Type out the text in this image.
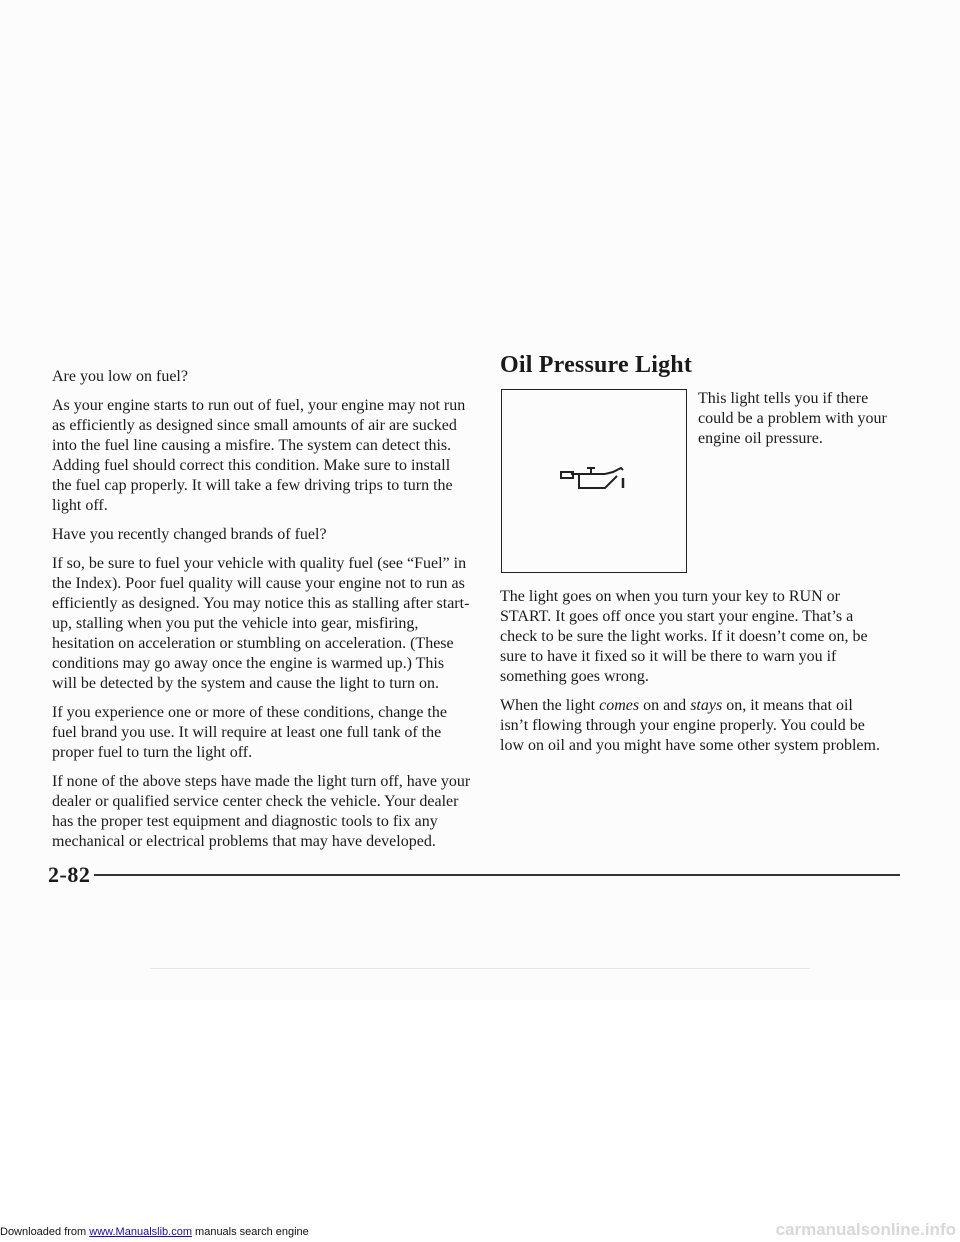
Are you low on fuel?

As your engine starts to run out of fuel, your engine may not run as efficiently as designed since small amounts of air are sucked into the fuel line causing a misfire. The system can detect this. Adding fuel should correct this condition. Make sure to install the fuel cap properly. It will take a few driving trips to turn the light off.

Have you recently changed brands of fuel?

If so, be sure to fuel your vehicle with quality fuel (see “Fuel” in the Index). Poor fuel quality will cause your engine not to run as efficiently as designed. You may notice this as stalling after start-up, stalling when you put the vehicle into gear, misfiring, hesitation on acceleration or stumbling on acceleration. (These conditions may go away once the engine is warmed up.) This will be detected by the system and cause the light to turn on.

If you experience one or more of these conditions, change the fuel brand you use. It will require at least one full tank of the proper fuel to turn the light off.

If none of the above steps have made the light turn off, have your dealer or qualified service center check the vehicle. Your dealer has the proper test equipment and diagnostic tools to fix any mechanical or electrical problems that may have developed.

Oil Pressure Light
This light tells you if there could be a problem with your engine oil pressure.

The light goes on when you turn your key to RUN or START. It goes off once you start your engine. That’s a check to be sure the light works. If it doesn’t come on, be sure to have it fixed so it will be there to warn you if something goes wrong.

When the light comes on and stays on, it means that oil isn’t flowing through your engine properly. You could be low on oil and you might have some other system problem.

2-82
Downloaded from www.Manualslib.com manuals search engine	carmanualsonline.info
